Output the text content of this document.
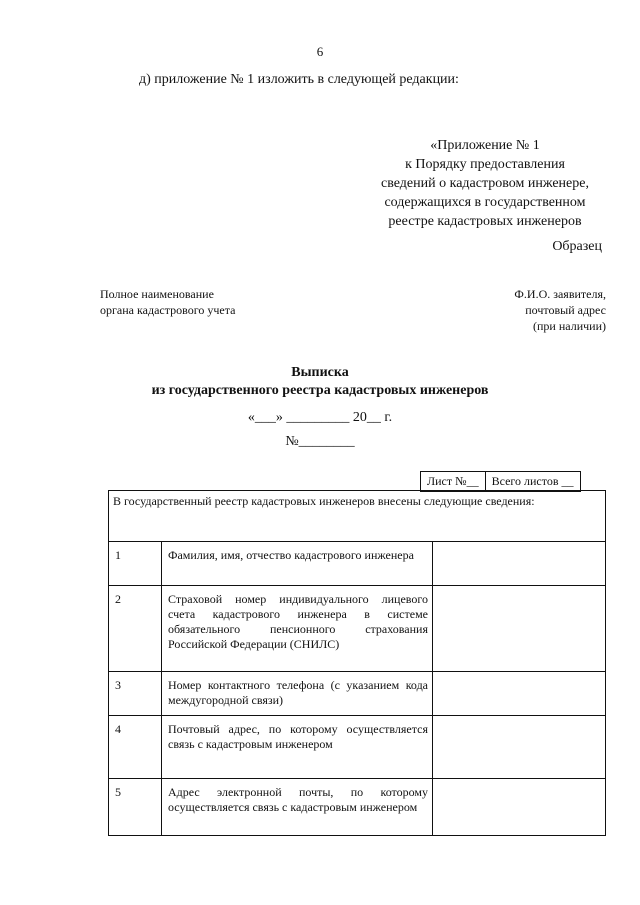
6
д) приложение № 1 изложить в следующей редакции:
«Приложение № 1
к Порядку предоставления
сведений о кадастровом инженере,
содержащихся в государственном
реестре кадастровых инженеров
Образец
Полное наименование
органа кадастрового учета
Ф.И.О. заявителя,
почтовый адрес
(при наличии)
Выписка
из государственного реестра кадастровых инженеров
«___» _________ 20__ г.
№________
Лист №__	Всего листов __
В государственный реестр кадастровых инженеров внесены следующие сведения:		
1	Фамилия, имя, отчество кадастрового инженера	
2	Страховой номер индивидуального лицевого счета кадастрового инженера в системе обязательного пенсионного страхования Российской Федерации (СНИЛС)	
3	Номер контактного телефона (с указанием кода междугородной связи)	
4	Почтовый адрес, по которому осуществляется связь с кадастровым инженером	
5	Адрес электронной почты, по которому осуществляется связь с кадастровым инженером	
